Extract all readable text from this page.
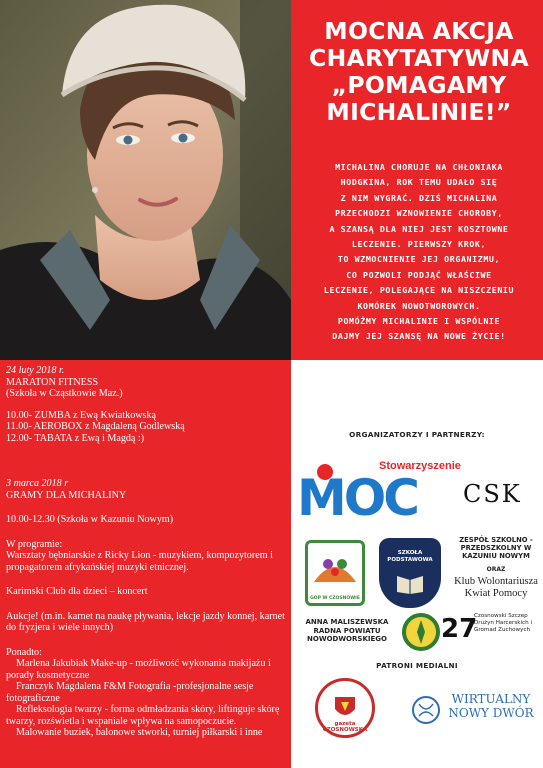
MOCNA AKCJA
CHARYTATYWNA
„POMAGAMY
MICHALINIE!”
MICHALINA CHORUJE NA CHŁONIAKA
HODGKINA, ROK TEMU UDAŁO SIĘ
Z NIM WYGRAĆ. DZIŚ MICHALINA
PRZECHODZI WZNOWIENIE CHOROBY,
A SZANSĄ DLA NIEJ JEST KOSZTOWNE
LECZENIE. PIERWSZY KROK,
TO WZMOCNIENIE JEJ ORGANIZMU,
CO POZWOLI PODJĄĆ WŁAŚCIWE
LECZENIE, POLEGAJĄCE NA NISZCZENIU
KOMÓREK NOWOTWOROWYCH.
POMÓŻMY MICHALINIE I WSPÓLNIE
DAJMY JEJ SZANSĘ NA NOWE ŻYCIE!

24 luty 2018 r.

MARATON FITNESS

(Szkoła w Cząstkowie Maz.)

10.00- ZUMBA z Ewą Kwiatkowską

11.00- AEROBOX z Magdaleną Godlewską

12.00- TABATA z Ewą i Magdą :)

3 marca 2018 r

GRAMY DLA MICHALINY

10.00-12.30 (Szkoła w Kazuniu Nowym)

W programie:

Warsztaty bębniarskie z Ricky Lion - muzykiem, kompozytorem i propagatorem afrykańskiej muzyki etnicznej.

Karimski Club dla dzieci – koncert

Aukcje! (m.in. karnet na naukę pływania, lekcje jazdy konnej, karnet do fryzjera i wiele innych)

Ponadto:

Marlena Jakubiak Make-up - możliwość wykonania makijażu i porady kosmetyczne

Franczyk Magdalena F&M Fotografia -profesjonalne sesje fotograficzne

Refleksologia twarzy - forma odmładzania skóry, liftinguje skórę twarzy, rozświetla i wspaniale wpływa na samopoczucie.

Malowanie buziek, balonowe stworki, turniej piłkarski i inne

ORGANIZATORZY I PARTNERZY:
Stowarzyszenie
MOC CSK
GOP W CZOSNOWIE
SZKOŁA PODSTAWOWA
ZESPÓŁ SZKOLNO - PRZEDSZKOLNY W KAZUNIU NOWYM
ORAZ
Klub Wolontariusza Kwiat Pomocy
ANNA MALISZEWSKA RADNA POWIATU NOWODWORSKIEGO	27
Czosnowski Szczep Drużyn Harcerskich i Gromad Zuchowych
PATRONI MEDIALNI
gazeta CZOSNOWSKA
WIRTUALNY NOWY DWÓR
